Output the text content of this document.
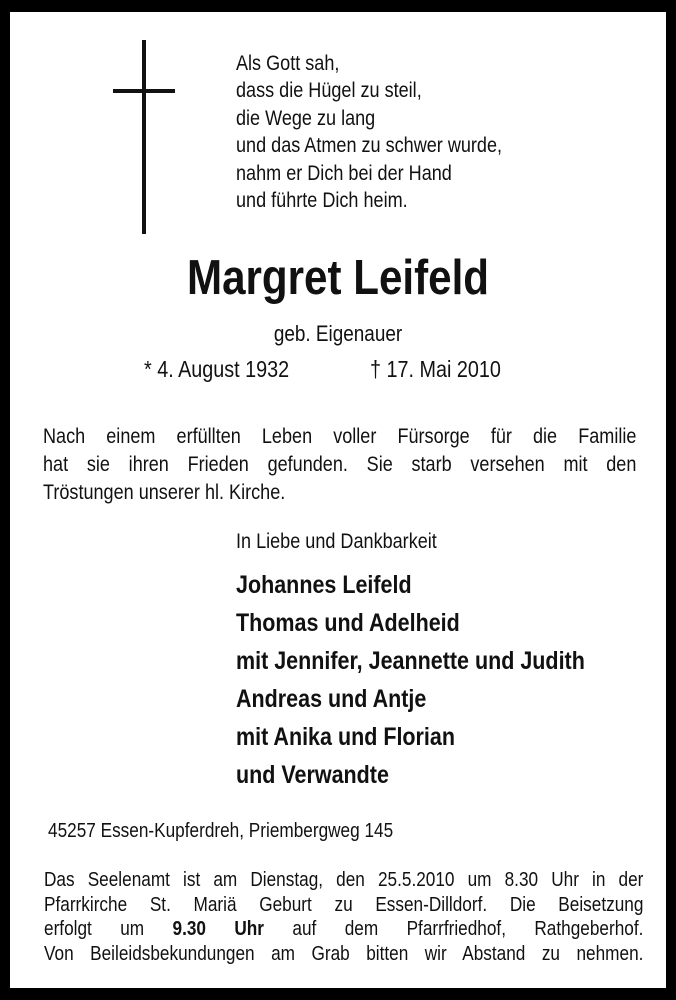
Als Gott sah,
dass die Hügel zu steil,
die Wege zu lang
und das Atmen zu schwer wurde,
nahm er Dich bei der Hand
und führte Dich heim.
Margret Leifeld
geb. Eigenauer
* 4. August 1932	† 17. Mai 2010
Nach einem erfüllten Leben voller Fürsorge für die Familie
hat sie ihren Frieden gefunden. Sie starb versehen mit den
Tröstungen unserer hl. Kirche.
In Liebe und Dankbarkeit
Johannes Leifeld
Thomas und Adelheid
mit Jennifer, Jeannette und Judith
Andreas und Antje
mit Anika und Florian
und Verwandte
45257 Essen-Kupferdreh, Priembergweg 145
Das Seelenamt ist am Dienstag, den 25.5.2010 um 8.30 Uhr in der
Pfarrkirche St. Mariä Geburt zu Essen-Dilldorf. Die Beisetzung
erfolgt um 9.30 Uhr auf dem Pfarrfriedhof, Rathgeberhof.
Von Beileidsbekundungen am Grab bitten wir Abstand zu nehmen.
